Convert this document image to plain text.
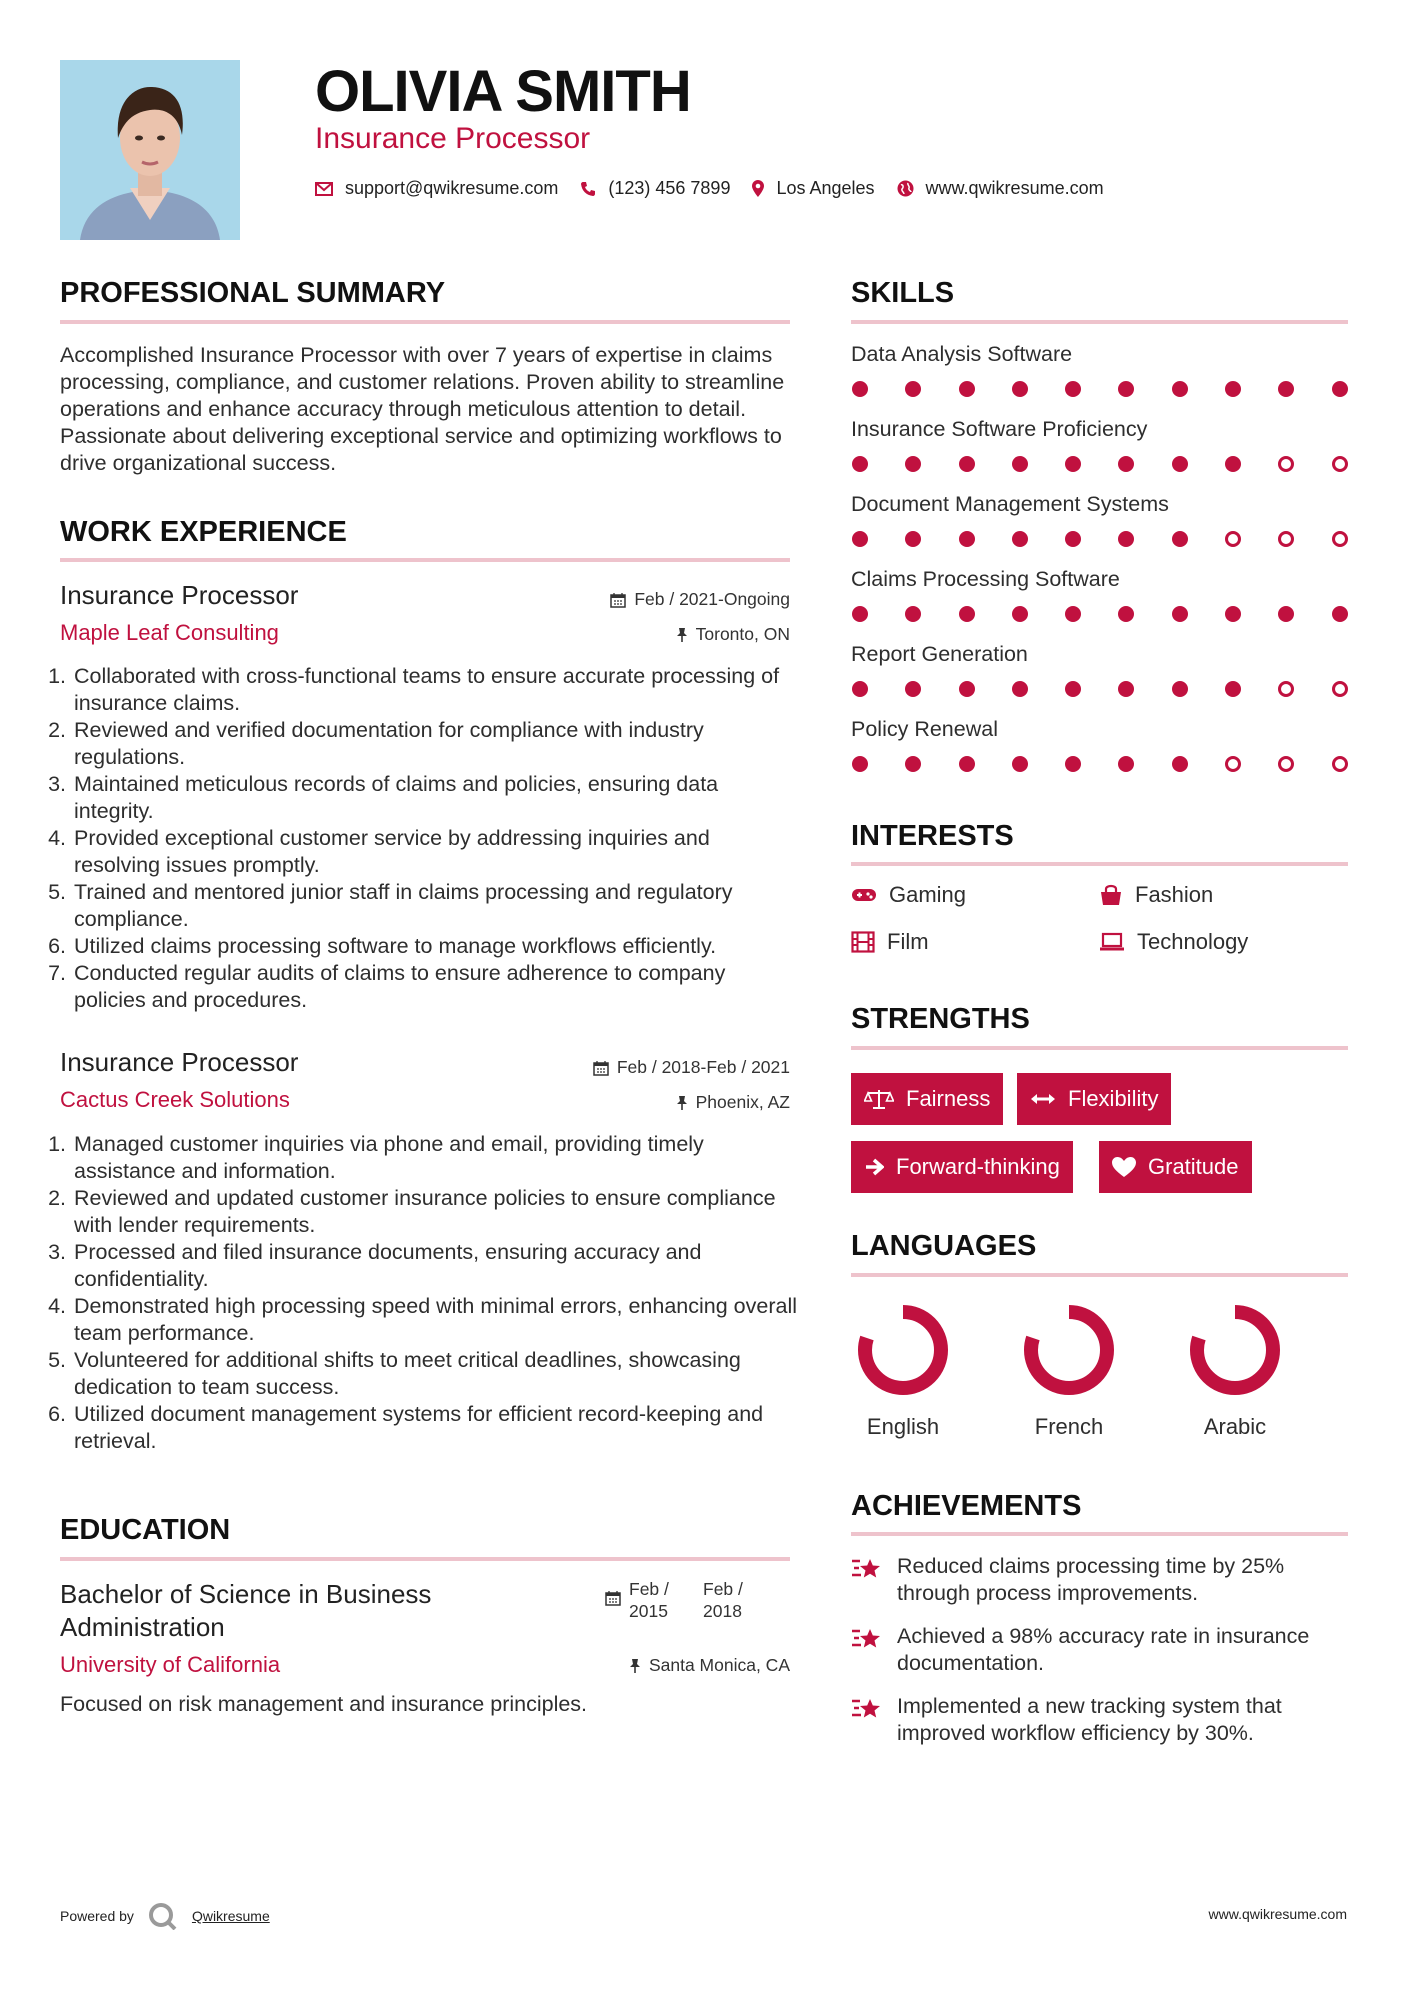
OLIVIA SMITH
Insurance Processor
support@qwikresume.com	(123) 456 7899	Los Angeles	www.qwikresume.com
PROFESSIONAL SUMMARY
Accomplished Insurance Processor with over 7 years of expertise in claims processing, compliance, and customer relations. Proven ability to streamline operations and enhance accuracy through meticulous attention to detail. Passionate about delivering exceptional service and optimizing workflows to drive organizational success.
WORK EXPERIENCE
Insurance Processor	Feb / 2021-Ongoing
Maple Leaf Consulting	Toronto, ON
1. Collaborated with cross-functional teams to ensure accurate processing of insurance claims.
2. Reviewed and verified documentation for compliance with industry regulations.
3. Maintained meticulous records of claims and policies, ensuring data integrity.
4. Provided exceptional customer service by addressing inquiries and resolving issues promptly.
5. Trained and mentored junior staff in claims processing and regulatory compliance.
6. Utilized claims processing software to manage workflows efficiently.
7. Conducted regular audits of claims to ensure adherence to company policies and procedures.
Insurance Processor	Feb / 2018-Feb / 2021
Cactus Creek Solutions	Phoenix, AZ
1. Managed customer inquiries via phone and email, providing timely assistance and information.
2. Reviewed and updated customer insurance policies to ensure compliance with lender requirements.
3. Processed and filed insurance documents, ensuring accuracy and confidentiality.
4. Demonstrated high processing speed with minimal errors, enhancing overall team performance.
5. Volunteered for additional shifts to meet critical deadlines, showcasing dedication to team success.
6. Utilized document management systems for efficient record-keeping and retrieval.
EDUCATION
Bachelor of Science in Business Administration
Feb / 2015
Feb / 2018
University of California	Santa Monica, CA
Focused on risk management and insurance principles.
SKILLS
Data Analysis Software
Insurance Software Proficiency
Document Management Systems
Claims Processing Software
Report Generation
Policy Renewal
INTERESTS
Gaming	Fashion
Film	Technology
STRENGTHS
Fairness	Flexibility
Forward-thinking	Gratitude
LANGUAGES
English	French	Arabic
ACHIEVEMENTS
Reduced claims processing time by 25% through process improvements.
Achieved a 98% accuracy rate in insurance documentation.
Implemented a new tracking system that improved workflow efficiency by 30%.
Powered by	Qwikresume	www.qwikresume.com
